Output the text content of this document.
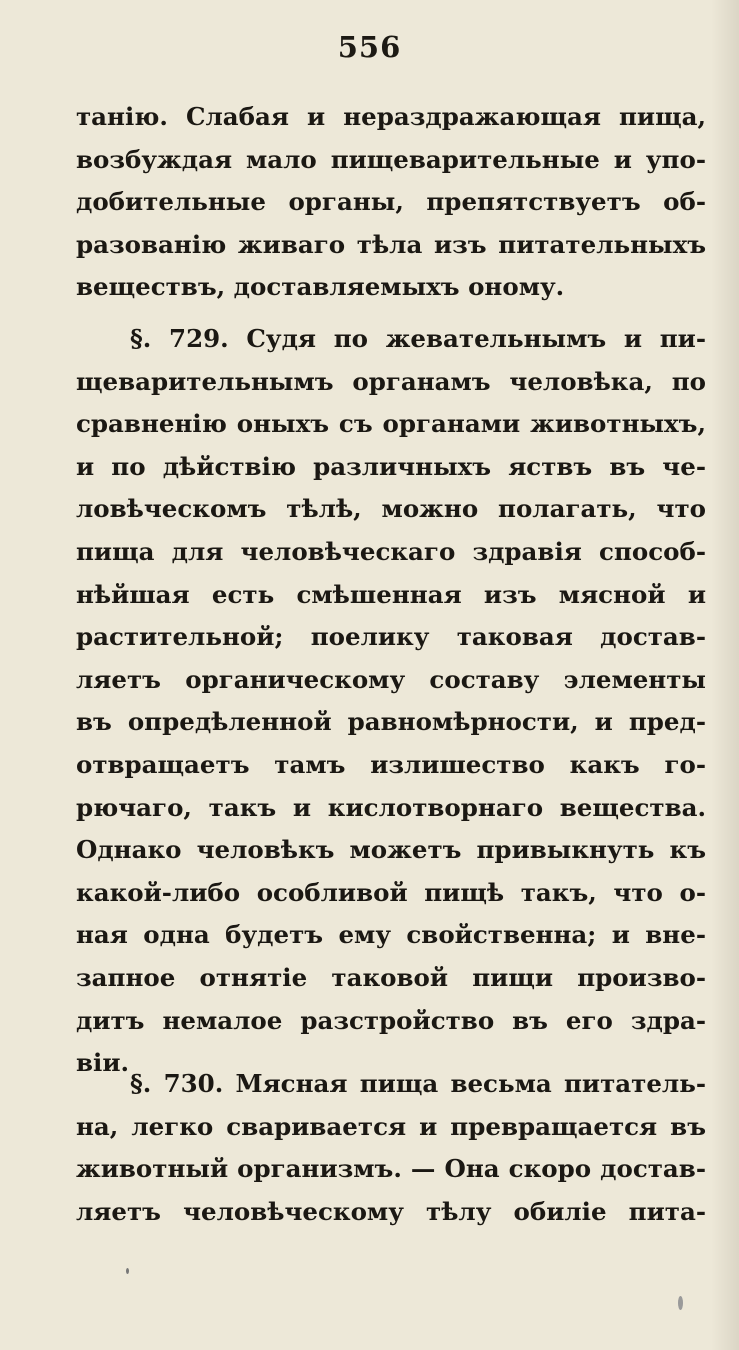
556
танію. Слабая и нераздражающая пища,
возбуждая мало пищеварительные и упо-
добительные органы, препятствуетъ об-
разованію живаго тѣла изъ питательныхъ
веществъ, доставляемыхъ оному.
§. 729. Судя по жевательнымъ и пи-
щеварительнымъ органамъ человѣка, по
сравненію оныхъ съ органами животныхъ,
и по дѣйствію различныхъ яствъ въ че-
ловѣческомъ тѣлѣ, можно полагать, что
пища для человѣческаго здравія способ-
нѣйшая есть смѣшенная изъ мясной и
растительной; поелику таковая достав-
ляетъ органическому составу элементы
въ опредѣленной равномѣрности, и пред-
отвращаетъ тамъ излишество какъ го-
рючаго, такъ и кислотворнаго вещества.
Однако человѣкъ можетъ привыкнуть къ
какой-либо особливой пищѣ такъ, что о-
ная одна будетъ ему свойственна; и вне-
запное отнятіе таковой пищи произво-
дитъ немалое разстройство въ его здра-
віи.
§. 730. Мясная пища весьма питатель-
на, легко сваривается и превращается въ
животный организмъ. — Она скоро достав-
ляетъ человѣческому тѣлу обиліе пита-
